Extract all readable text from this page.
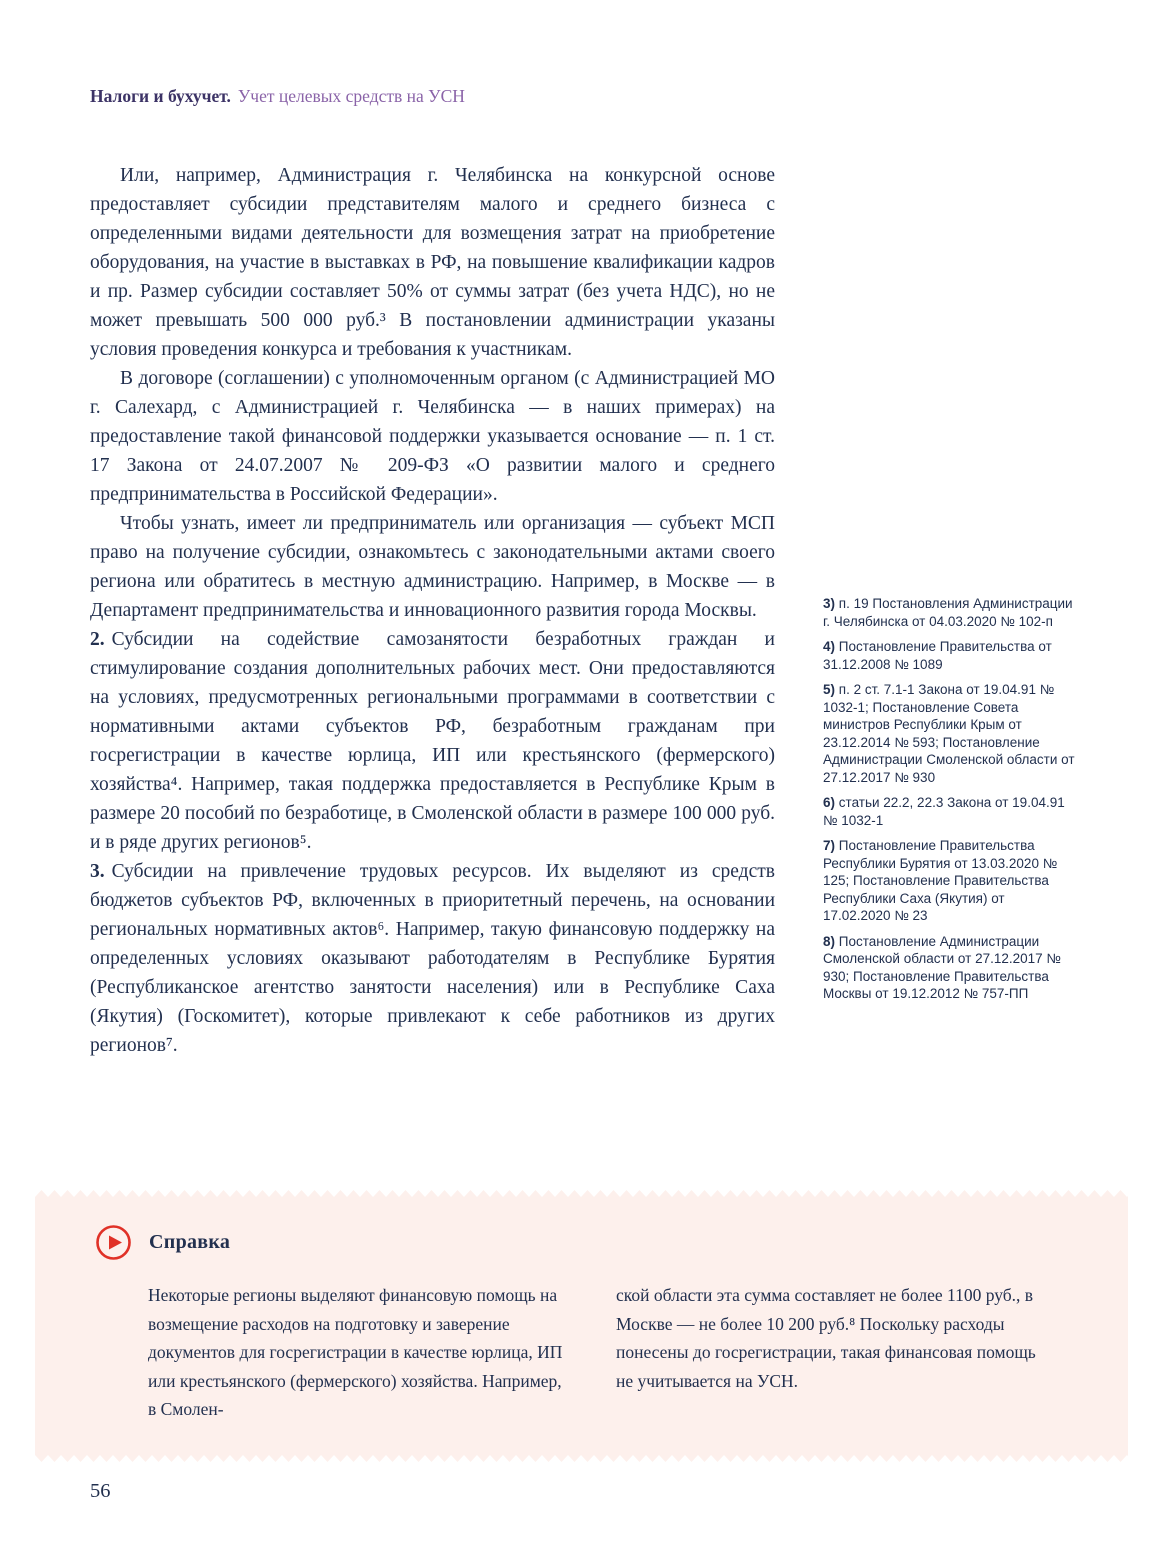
Налоги и бухучет. Учет целевых средств на УСН

Или, например, Администрация г. Челябинска на конкурсной основе предоставляет субсидии представителям малого и среднего бизнеса с определенными видами деятельности для возмещения затрат на приобретение оборудования, на участие в выставках в РФ, на повышение квалификации кадров и пр. Размер субсидии составляет 50% от суммы затрат (без учета НДС), но не может превышать 500 000 руб.³ В постановлении администрации указаны условия проведения конкурса и требования к участникам.

В договоре (соглашении) с уполномоченным органом (с Администрацией МО г. Салехард, с Администрацией г. Челябинска — в наших примерах) на предоставление такой финансовой поддержки указывается основание — п. 1 ст. 17 Закона от 24.07.2007 № 209-ФЗ «О развитии малого и среднего предпринимательства в Российской Федерации».

Чтобы узнать, имеет ли предприниматель или организация — субъект МСП право на получение субсидии, ознакомьтесь с законодательными актами своего региона или обратитесь в местную администрацию. Например, в Москве — в Департамент предпринимательства и инновационного развития города Москвы.

2. Субсидии на содействие самозанятости безработных граждан и стимулирование создания дополнительных рабочих мест. Они предоставляются на условиях, предусмотренных региональными программами в соответствии с нормативными актами субъектов РФ, безработным гражданам при госрегистрации в качестве юрлица, ИП или крестьянского (фермерского) хозяйства⁴. Например, такая поддержка предоставляется в Республике Крым в размере 20 пособий по безработице, в Смоленской области в размере 100 000 руб. и в ряде других регионов⁵.

3. Субсидии на привлечение трудовых ресурсов. Их выделяют из средств бюджетов субъектов РФ, включенных в приоритетный перечень, на основании региональных нормативных актов⁶. Например, такую финансовую поддержку на определенных условиях оказывают работодателям в Республике Бурятия (Республиканское агентство занятости населения) или в Республике Саха (Якутия) (Госкомитет), которые привлекают к себе работников из других регионов⁷.

3) п. 19 Постановления Администрации г. Челябинска от 04.03.2020 № 102-п

4) Постановление Правительства от 31.12.2008 № 1089

5) п. 2 ст. 7.1-1 Закона от 19.04.91 № 1032-1; Постановление Совета министров Республики Крым от 23.12.2014 № 593; Постановление Администрации Смоленской области от 27.12.2017 № 930

6) статьи 22.2, 22.3 Закона от 19.04.91 № 1032-1

7) Постановление Правительства Республики Бурятия от 13.03.2020 № 125; Постановление Правительства Республики Саха (Якутия) от 17.02.2020 № 23

8) Постановление Администрации Смоленской области от 27.12.2017 № 930; Постановление Правительства Москвы от 19.12.2012 № 757-ПП

Справка
Некоторые регионы выделяют финансовую помощь на возмещение расходов на подготовку и заверение документов для госрегистрации в качестве юрлица, ИП или крестьянского (фермерского) хозяйства. Например, в Смолен-
ской области эта сумма составляет не более 1100 руб., в Москве — не более 10 200 руб.⁸ Поскольку расходы понесены до госрегистрации, такая финансовая помощь не учитывается на УСН.
56
